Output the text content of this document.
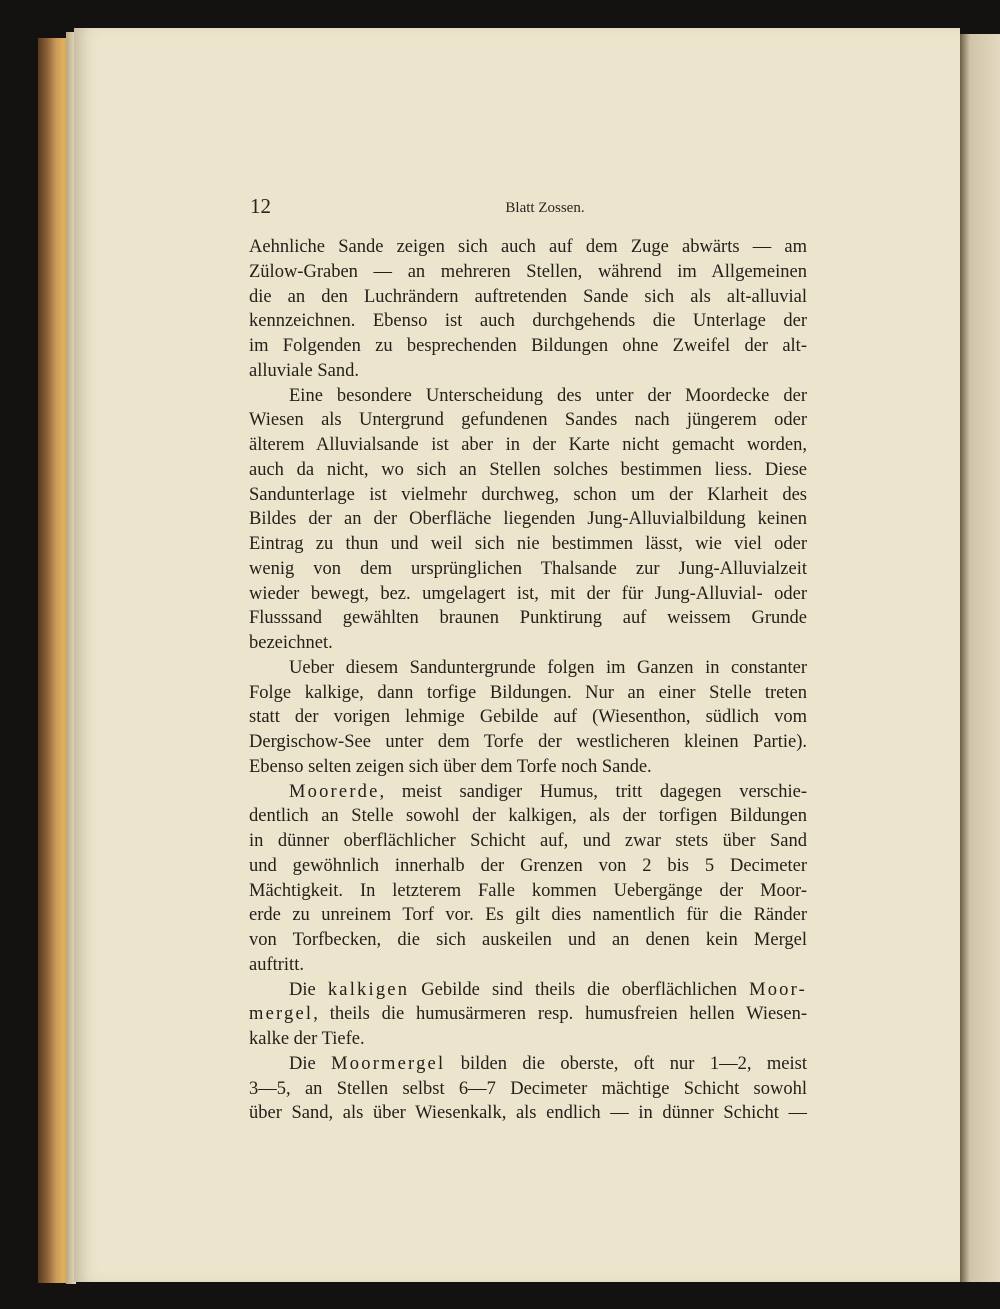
12	Blatt Zossen.
Aehnliche Sande zeigen sich auch auf dem Zuge abwärts — am
Zülow-Graben — an mehreren Stellen, während im Allgemeinen
die an den Luchrändern auftretenden Sande sich als alt-alluvial
kennzeichnen. Ebenso ist auch durchgehends die Unterlage der
im Folgenden zu besprechenden Bildungen ohne Zweifel der alt-
alluviale Sand.
Eine besondere Unterscheidung des unter der Moordecke der
Wiesen als Untergrund gefundenen Sandes nach jüngerem oder
älterem Alluvialsande ist aber in der Karte nicht gemacht worden,
auch da nicht, wo sich an Stellen solches bestimmen liess. Diese
Sandunterlage ist vielmehr durchweg, schon um der Klarheit des
Bildes der an der Oberfläche liegenden Jung-Alluvialbildung keinen
Eintrag zu thun und weil sich nie bestimmen lässt, wie viel oder
wenig von dem ursprünglichen Thalsande zur Jung-Alluvialzeit
wieder bewegt, bez. umgelagert ist, mit der für Jung-Alluvial- oder
Flusssand gewählten braunen Punktirung auf weissem Grunde
bezeichnet.
Ueber diesem Sanduntergrunde folgen im Ganzen in constanter
Folge kalkige, dann torfige Bildungen. Nur an einer Stelle treten
statt der vorigen lehmige Gebilde auf (Wiesenthon, südlich vom
Dergischow-See unter dem Torfe der westlicheren kleinen Partie).
Ebenso selten zeigen sich über dem Torfe noch Sande.
Moorerde, meist sandiger Humus, tritt dagegen verschie-
dentlich an Stelle sowohl der kalkigen, als der torfigen Bildungen
in dünner oberflächlicher Schicht auf, und zwar stets über Sand
und gewöhnlich innerhalb der Grenzen von 2 bis 5 Decimeter
Mächtigkeit. In letzterem Falle kommen Uebergänge der Moor-
erde zu unreinem Torf vor. Es gilt dies namentlich für die Ränder
von Torfbecken, die sich auskeilen und an denen kein Mergel
auftritt.
Die kalkigen Gebilde sind theils die oberflächlichen Moor-
mergel, theils die humusärmeren resp. humusfreien hellen Wiesen-
kalke der Tiefe.
Die Moormergel bilden die oberste, oft nur 1—2, meist
3—5, an Stellen selbst 6—7 Decimeter mächtige Schicht sowohl
über Sand, als über Wiesenkalk, als endlich — in dünner Schicht —
